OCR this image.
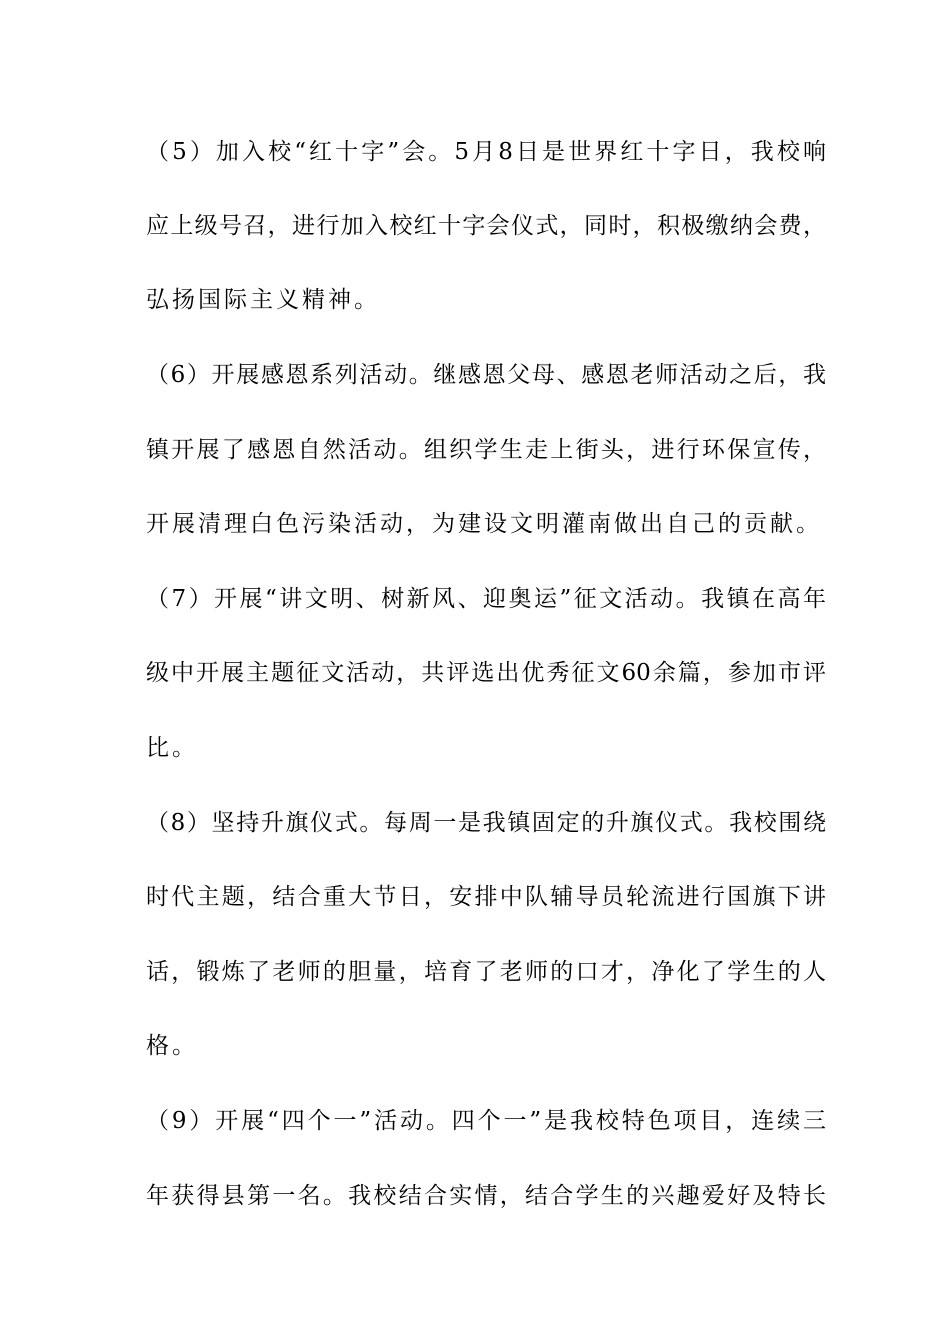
（5）加入校“红十字”会。5月8日是世界红十字日，我校响
应上级号召，进行加入校红十字会仪式，同时，积极缴纳会费，
弘扬国际主义精神。
（6）开展感恩系列活动。继感恩父母、感恩老师活动之后，我
镇开展了感恩自然活动。组织学生走上街头，进行环保宣传，
开展清理白色污染活动，为建设文明灌南做出自己的贡献。
（7）开展“讲文明、树新风、迎奥运”征文活动。我镇在高年
级中开展主题征文活动，共评选出优秀征文60余篇，参加市评
比。
（8）坚持升旗仪式。每周一是我镇固定的升旗仪式。我校围绕
时代主题，结合重大节日，安排中队辅导员轮流进行国旗下讲
话，锻炼了老师的胆量，培育了老师的口才，净化了学生的人
格。
（9）开展“四个一”活动。四个一”是我校特色项目，连续三
年获得县第一名。我校结合实情，结合学生的兴趣爱好及特长
